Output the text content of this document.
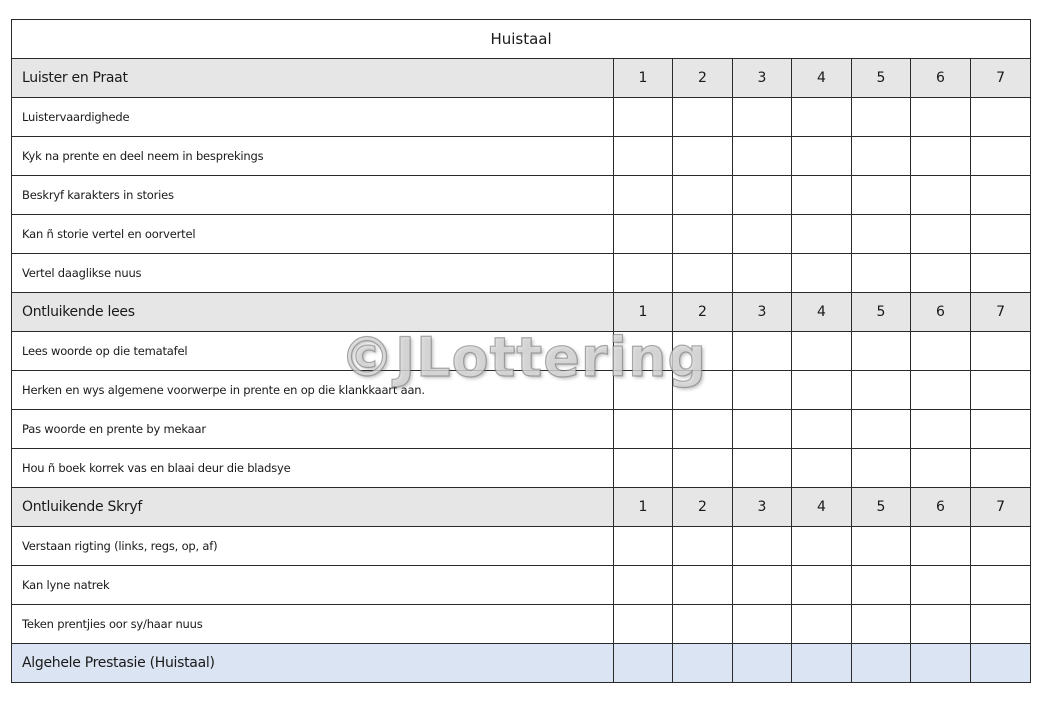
Huistaal							
Luister en Praat	1	2	3	4	5	6	7
Luistervaardighede							
Kyk na prente en deel neem in besprekings							
Beskryf karakters in stories							
Kan ñ storie vertel en oorvertel							
Vertel daaglikse nuus							
Ontluikende lees	1	2	3	4	5	6	7
Lees woorde op die tematafel							
Herken en wys algemene voorwerpe in prente en op die klankkaart aan.							
Pas woorde en prente by mekaar							
Hou ñ boek korrek vas en blaai deur die bladsye							
Ontluikende Skryf	1	2	3	4	5	6	7
Verstaan rigting (links, regs, op, af)							
Kan lyne natrek							
Teken prentjies oor sy/haar nuus							
Algehele Prestasie (Huistaal)							
©JLottering
